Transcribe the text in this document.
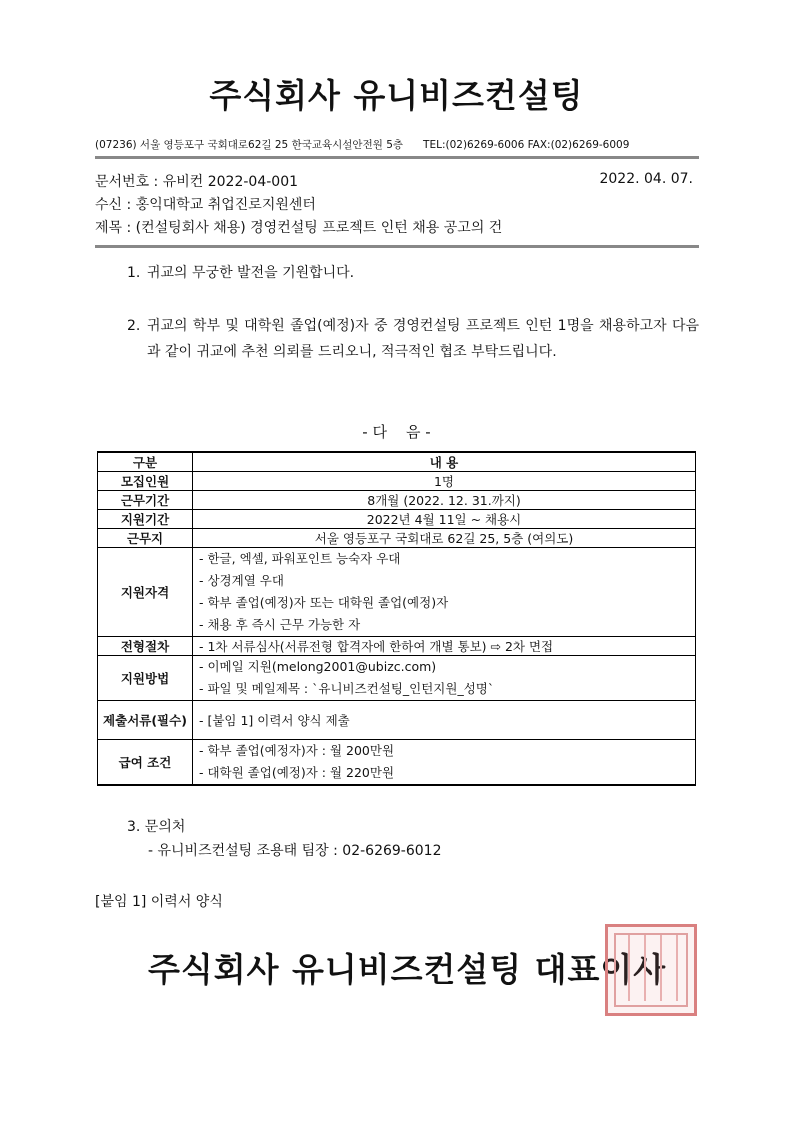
주식회사 유니비즈컨설팅
(07236) 서울 영등포구 국회대로62길 25 한국교육시설안전원 5층      TEL:(02)6269-6006 FAX:(02)6269-6009
문서번호 : 유비컨 2022-04-001	2022. 04. 07.
수신 : 홍익대학교 취업진로지원센터
제목 : (컨설팅회사 채용) 경영컨설팅 프로젝트 인턴 채용 공고의 건
1. 귀교의 무궁한 발전을 기원합니다.
2. 귀교의 학부 및 대학원 졸업(예정)자 중 경영컨설팅 프로젝트 인턴 1명을 채용하고자 다음과 같이 귀교에 추천 의뢰를 드리오니, 적극적인 협조 부탁드립니다.
- 다    음 -
구분	내 용
모집인원	1명
근무기간	8개월 (2022. 12. 31.까지)
지원기간	2022년 4월 11일 ~ 채용시
근무지	서울 영등포구 국회대로 62길 25, 5층 (여의도)
지원자격	- 한글, 엑셀, 파워포인트 능숙자 우대
- 상경계열 우대
- 학부 졸업(예정)자 또는 대학원 졸업(예정)자
- 채용 후 즉시 근무 가능한 자

전형절차	- 1차 서류심사(서류전형 합격자에 한하여 개별 통보) ⇨ 2차 면접
지원방법	- 이메일 지원(melong2001@ubizc.com)
- 파일 및 메일제목 : `유니비즈컨설팅_인턴지원_성명`

제출서류(필수)	- [붙임 1] 이력서 양식 제출
급여 조건	- 학부 졸업(예정자)자 : 월 200만원
- 대학원 졸업(예정)자 : 월 220만원
3. 문의처
- 유니비즈컨설팅 조용태 팀장 : 02-6269-6012
[붙임 1] 이력서 양식
주식회사 유니비즈컨설팅 대표이사
